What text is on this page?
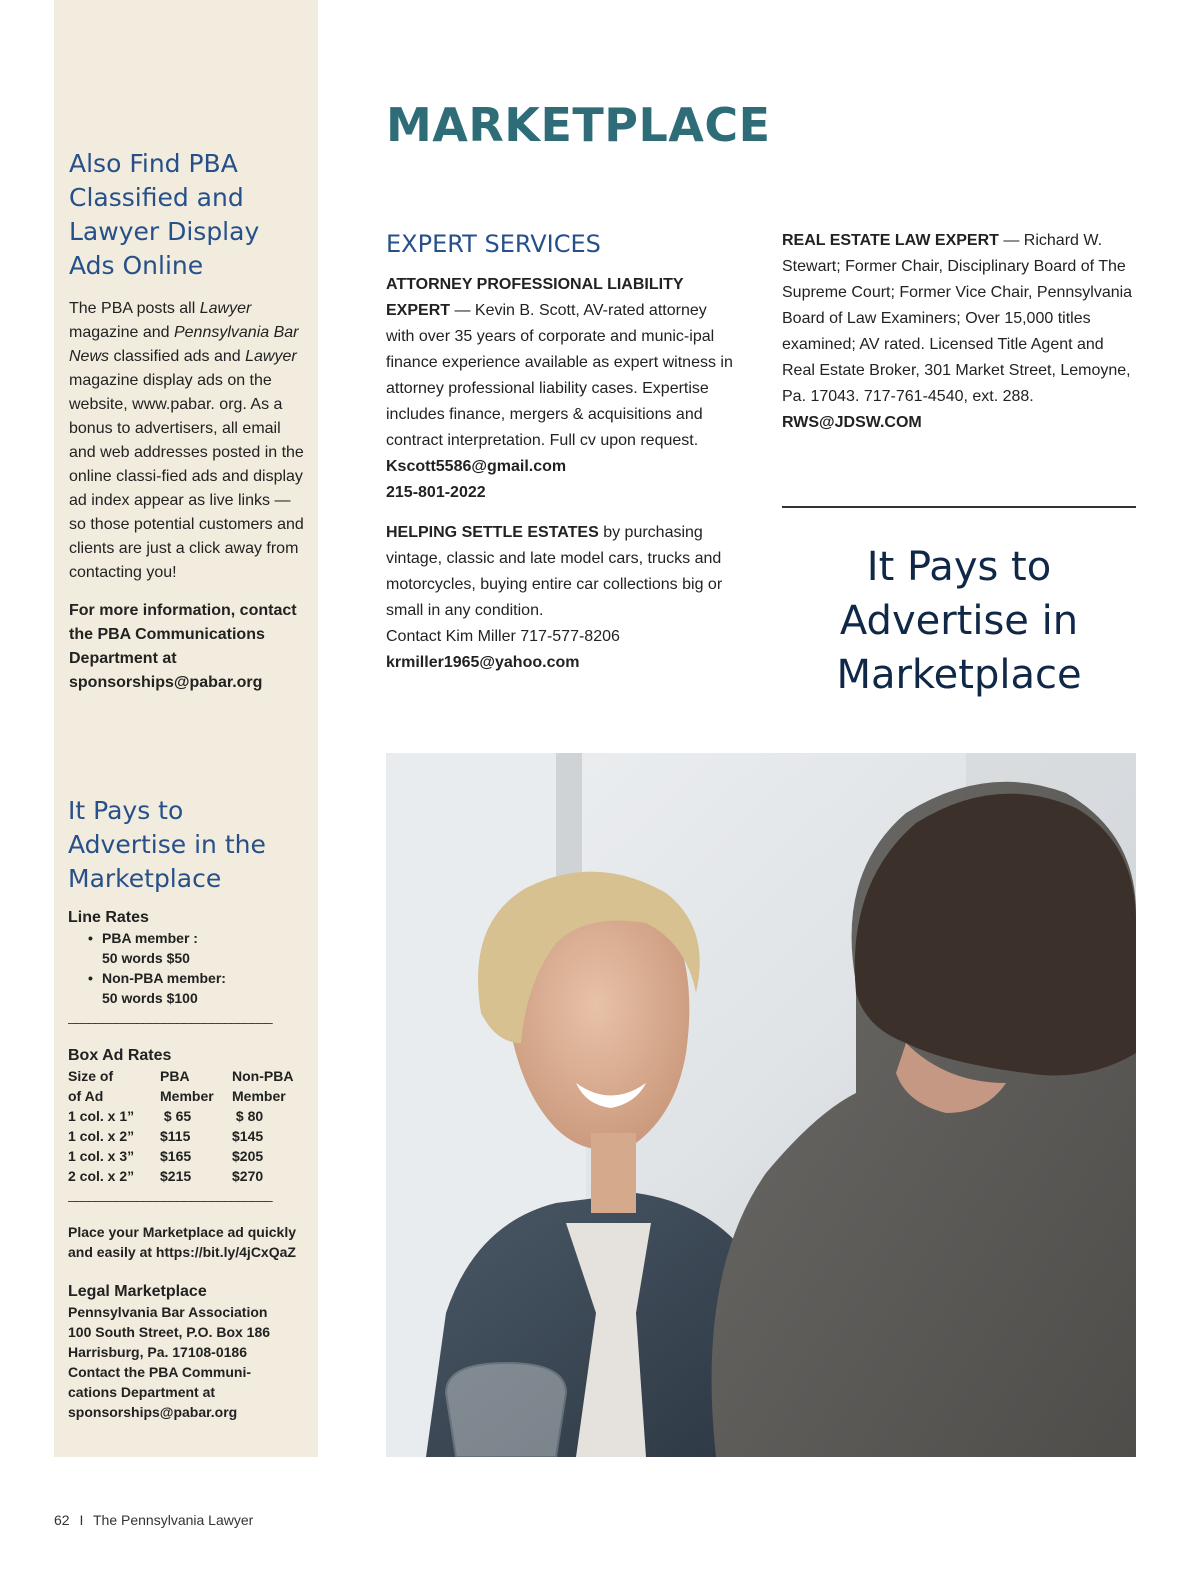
Also Find PBA Classified and Lawyer Display Ads Online

The PBA posts all Lawyer magazine and Pennsylvania Bar News classified ads and Lawyer magazine display ads on the website, www.pabar. org. As a bonus to advertisers, all email and web addresses posted in the online classi-fied ads and display ad index appear as live links — so those potential customers and clients are just a click away from contacting you!

For more information, contact the PBA Communications Department at sponsorships@pabar.org

It Pays to Advertise in the Marketplace

Line Rates

• PBA member :
50 words $50
• Non-PBA member:
50 words $100
______________________________

Box Ad Rates

Size of	PBA	Non-PBA
of Ad	Member	Member
1 col. x 1”	$ 65	$ 80
1 col. x 2”	$115	$145
1 col. x 3”	$165	$205
2 col. x 2”	$215	$270
______________________________

Place your Marketplace ad quickly and easily at https://bit.ly/4jCxQaZ

Legal Marketplace

Pennsylvania Bar Association

100 South Street, P.O. Box 186

Harrisburg, Pa. 17108-0186

Contact the PBA Communi-

cations Department at

sponsorships@pabar.org

MARKETPLACE
EXPERT SERVICES

ATTORNEY PROFESSIONAL LIABILITY EXPERT — Kevin B. Scott, AV-rated attorney with over 35 years of corporate and munic-ipal finance experience available as expert witness in attorney professional liability cases. Expertise includes finance, mergers & acquisitions and contract interpretation. Full cv upon request.

Kscott5586@gmail.com

215-801-2022

HELPING SETTLE ESTATES by purchasing vintage, classic and late model cars, trucks and motorcycles, buying entire car collections big or small in any condition.

Contact Kim Miller 717-577-8206

krmiller1965@yahoo.com

REAL ESTATE LAW EXPERT — Richard W. Stewart; Former Chair, Disciplinary Board of The Supreme Court; Former Vice Chair, Pennsylvania Board of Law Examiners; Over 15,000 titles examined; AV rated. Licensed Title Agent and Real Estate Broker, 301 Market Street, Lemoyne, Pa. 17043. 717-761-4540, ext. 288.

RWS@JDSW.COM

It Pays to Advertise in Marketplace

62 I The Pennsylvania Lawyer
